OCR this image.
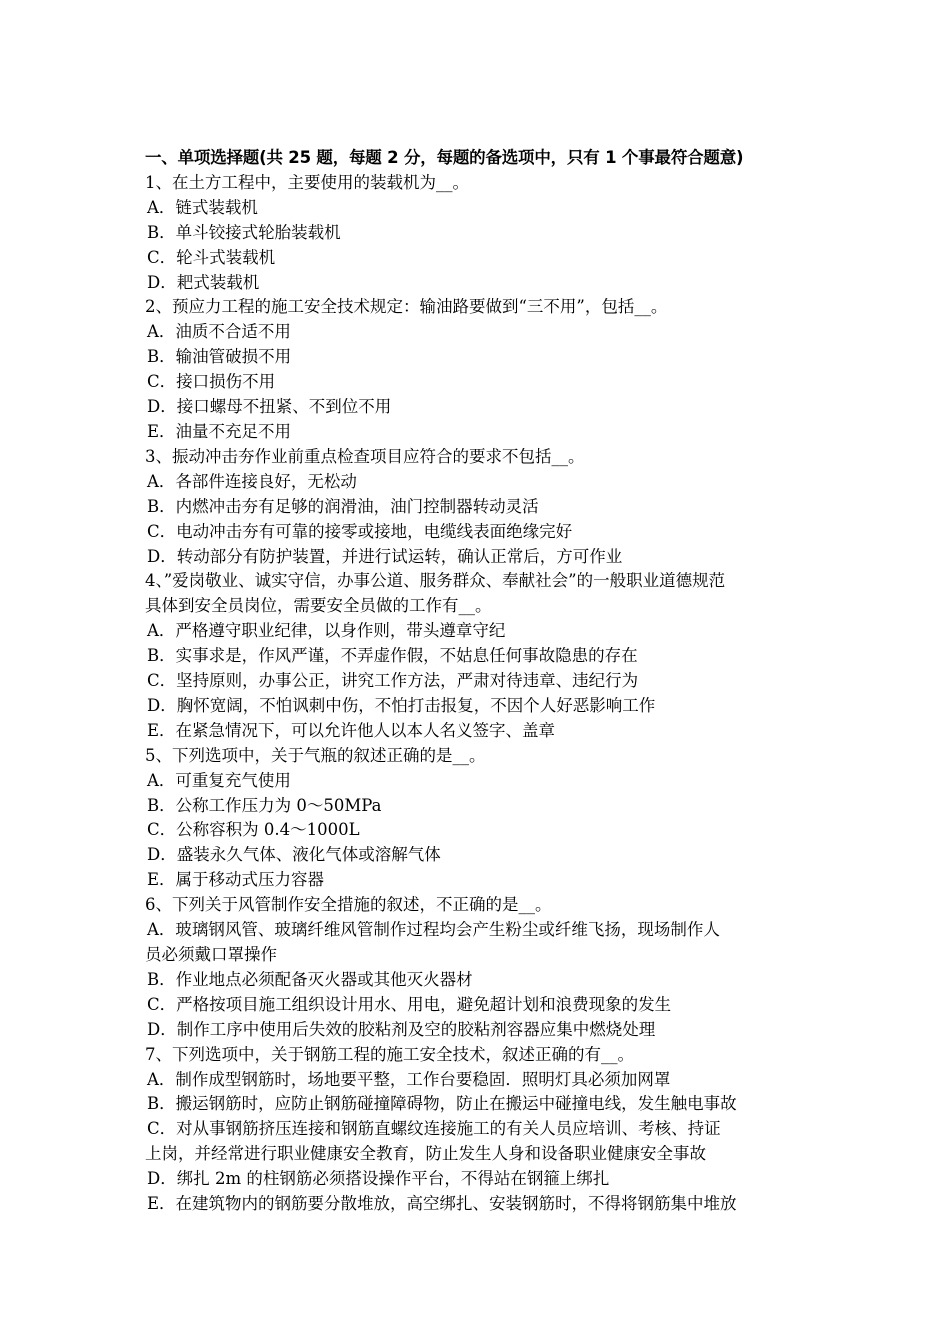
一、单项选择题(共 25 题，每题 2 分，每题的备选项中，只有 1 个事最符合题意)
1、在土方工程中，主要使用的装载机为__。
A．链式装载机
B．单斗铰接式轮胎装载机
C．轮斗式装载机
D．耙式装载机
2、预应力工程的施工安全技术规定：输油路要做到“三不用”，包括__。
A．油质不合适不用
B．输油管破损不用
C．接口损伤不用
D．接口螺母不扭紧、不到位不用
E．油量不充足不用
3、振动冲击夯作业前重点检查项目应符合的要求不包括__。
A．各部件连接良好，无松动
B．内燃冲击夯有足够的润滑油，油门控制器转动灵活
C．电动冲击夯有可靠的接零或接地，电缆线表面绝缘完好
D．转动部分有防护装置，并进行试运转，确认正常后，方可作业
4、”爱岗敬业、诚实守信，办事公道、服务群众、奉献社会”的一般职业道德规范
具体到安全员岗位，需要安全员做的工作有__。
A．严格遵守职业纪律，以身作则，带头遵章守纪
B．实事求是，作风严谨，不弄虚作假，不姑息任何事故隐患的存在
C．坚持原则，办事公正，讲究工作方法，严肃对待违章、违纪行为
D．胸怀宽阔，不怕讽刺中伤，不怕打击报复，不因个人好恶影响工作
E．在紧急情况下，可以允许他人以本人名义签字、盖章
5、下列选项中，关于气瓶的叙述正确的是__。
A．可重复充气使用
B．公称工作压力为 0～50MPa
C．公称容积为 0.4～1000L
D．盛装永久气体、液化气体或溶解气体
E．属于移动式压力容器
6、下列关于风管制作安全措施的叙述，不正确的是__。
A．玻璃钢风管、玻璃纤维风管制作过程均会产生粉尘或纤维飞扬，现场制作人
员必须戴口罩操作
B．作业地点必须配备灭火器或其他灭火器材
C．严格按项目施工组织设计用水、用电，避免超计划和浪费现象的发生
D．制作工序中使用后失效的胶粘剂及空的胶粘剂容器应集中燃烧处理
7、下列选项中，关于钢筋工程的施工安全技术，叙述正确的有__。
A．制作成型钢筋时，场地要平整，工作台要稳固．照明灯具必须加网罩
B．搬运钢筋时，应防止钢筋碰撞障碍物，防止在搬运中碰撞电线，发生触电事故
C．对从事钢筋挤压连接和钢筋直螺纹连接施工的有关人员应培训、考核、持证
上岗，并经常进行职业健康安全教育，防止发生人身和设备职业健康安全事故
D．绑扎 2m 的柱钢筋必须搭设操作平台，不得站在钢箍上绑扎
E．在建筑物内的钢筋要分散堆放，高空绑扎、安装钢筋时，不得将钢筋集中堆放
